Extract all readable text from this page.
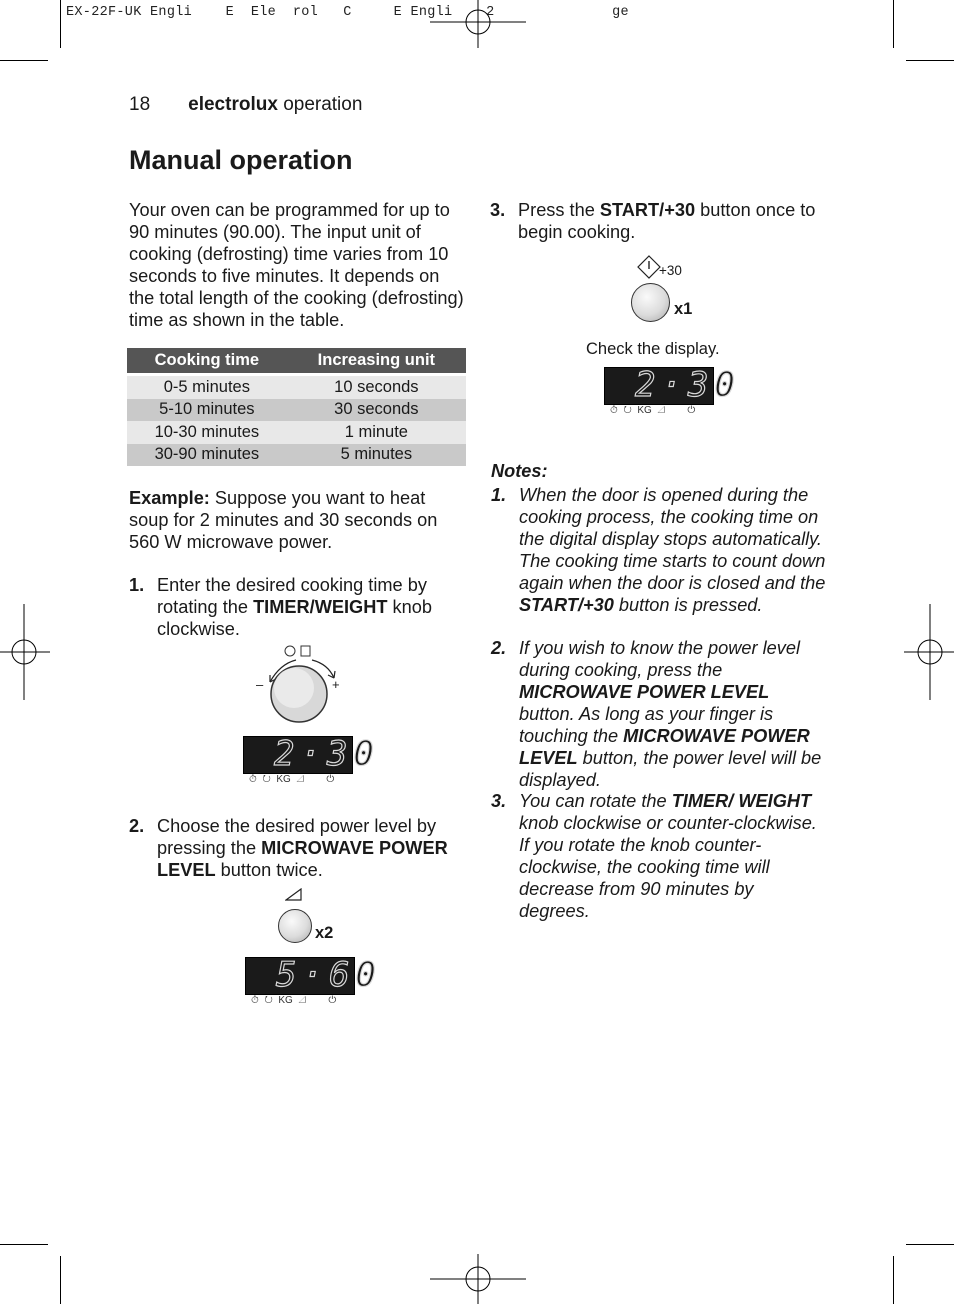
EX-22F-UK Engli    E  Ele  rol   C     E Engli    2              ge
18 electrolux operation
Manual operation
Your oven can be programmed for up to 90 minutes (90.00). The input unit of cooking (defrosting) time varies from 10 seconds to five minutes. It depends on the total length of the cooking (defrosting) time as shown in the table.
Cooking time	Increasing unit

0-5 minutes	10 seconds
5-10 minutes	30 seconds
10-30 minutes	1 minute
30-90 minutes	5 minutes
Example: Suppose you want to heat soup for 2 minutes and 30 seconds on 560 W microwave power.
1. Enter the desired cooking time by rotating the TIMER/WEIGHT knob clockwise.
–	+
2·30
⏱  ↻  KG  ◿        ⏻
2. Choose the desired power level by pressing the MICROWAVE POWER LEVEL button twice.
x2
5·60
⏱  ↻  KG  ◿        ⏻
3. Press the START/+30 button once to begin cooking.
+30
x1
Check the display.
2·30
⏱  ↻  KG  ◿        ⏻
Notes:
1. When the door is opened during the cooking process, the cooking time on the digital display stops automatically. The cooking time starts to count down again when the door is closed and the START/+30 button is pressed.
2. If you wish to know the power level during cooking, press the MICROWAVE POWER LEVEL button. As long as your finger is touching the MICROWAVE POWER LEVEL button, the power level will be displayed.
3. You can rotate the TIMER/ WEIGHT knob clockwise or counter-clockwise. If you rotate the knob counter-clockwise, the cooking time will decrease from 90 minutes by degrees.
